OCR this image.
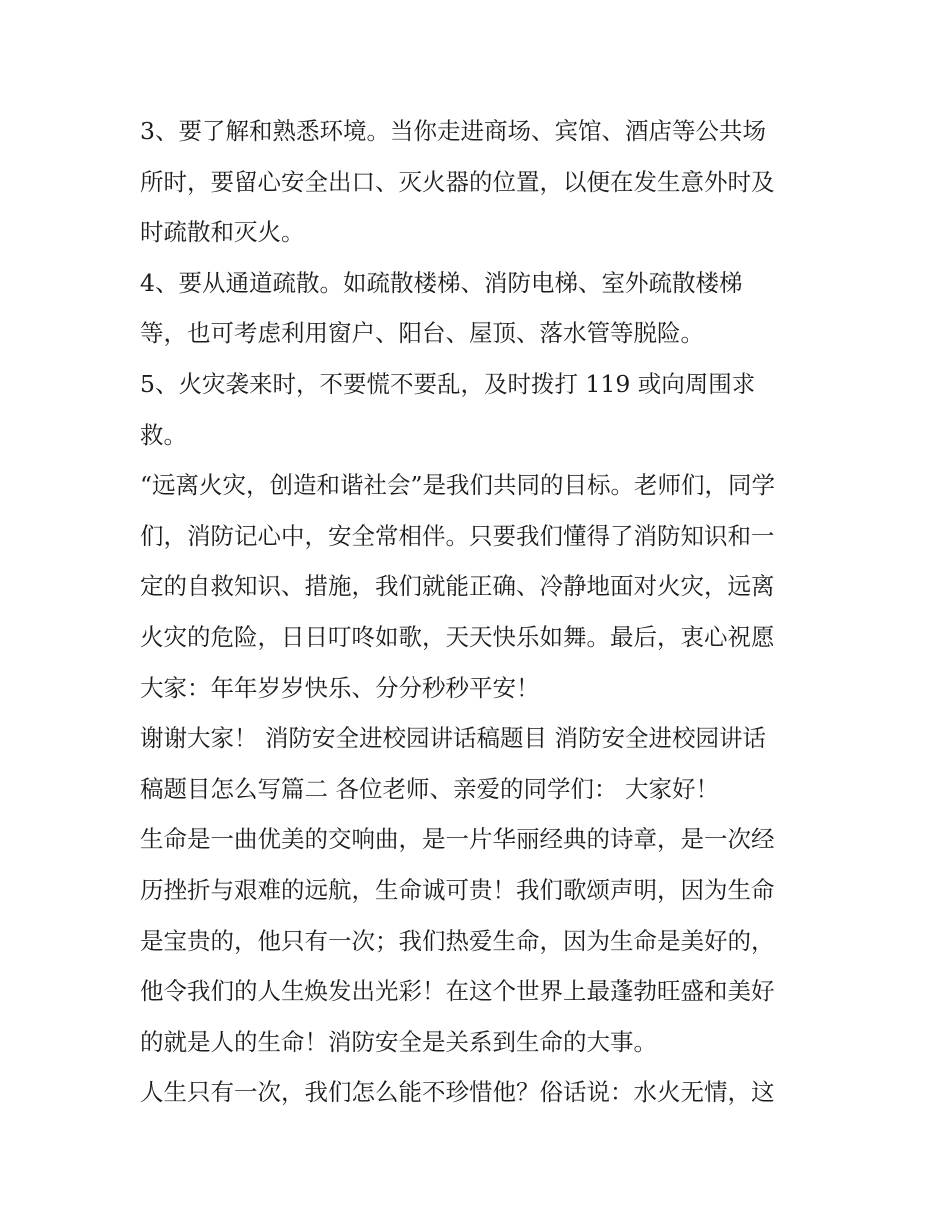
3、要了解和熟悉环境。当你走进商场、宾馆、酒店等公共场
所时，要留心安全出口、灭火器的位置，以便在发生意外时及
时疏散和灭火。
4、要从通道疏散。如疏散楼梯、消防电梯、室外疏散楼梯
等，也可考虑利用窗户、阳台、屋顶、落水管等脱险。
5、火灾袭来时，不要慌不要乱，及时拨打 119 或向周围求
救。
“远离火灾，创造和谐社会”是我们共同的目标。老师们，同学
们，消防记心中，安全常相伴。只要我们懂得了消防知识和一
定的自救知识、措施，我们就能正确、冷静地面对火灾，远离
火灾的危险，日日叮咚如歌，天天快乐如舞。最后，衷心祝愿
大家：年年岁岁快乐、分分秒秒平安！
谢谢大家！ 消防安全进校园讲话稿题目 消防安全进校园讲话
稿题目怎么写篇二 各位老师、亲爱的同学们： 大家好！
生命是一曲优美的交响曲，是一片华丽经典的诗章，是一次经
历挫折与艰难的远航，生命诚可贵！我们歌颂声明，因为生命
是宝贵的，他只有一次；我们热爱生命，因为生命是美好的，
他令我们的人生焕发出光彩！在这个世界上最蓬勃旺盛和美好
的就是人的生命！消防安全是关系到生命的大事。
人生只有一次，我们怎么能不珍惜他？俗话说：水火无情，这
